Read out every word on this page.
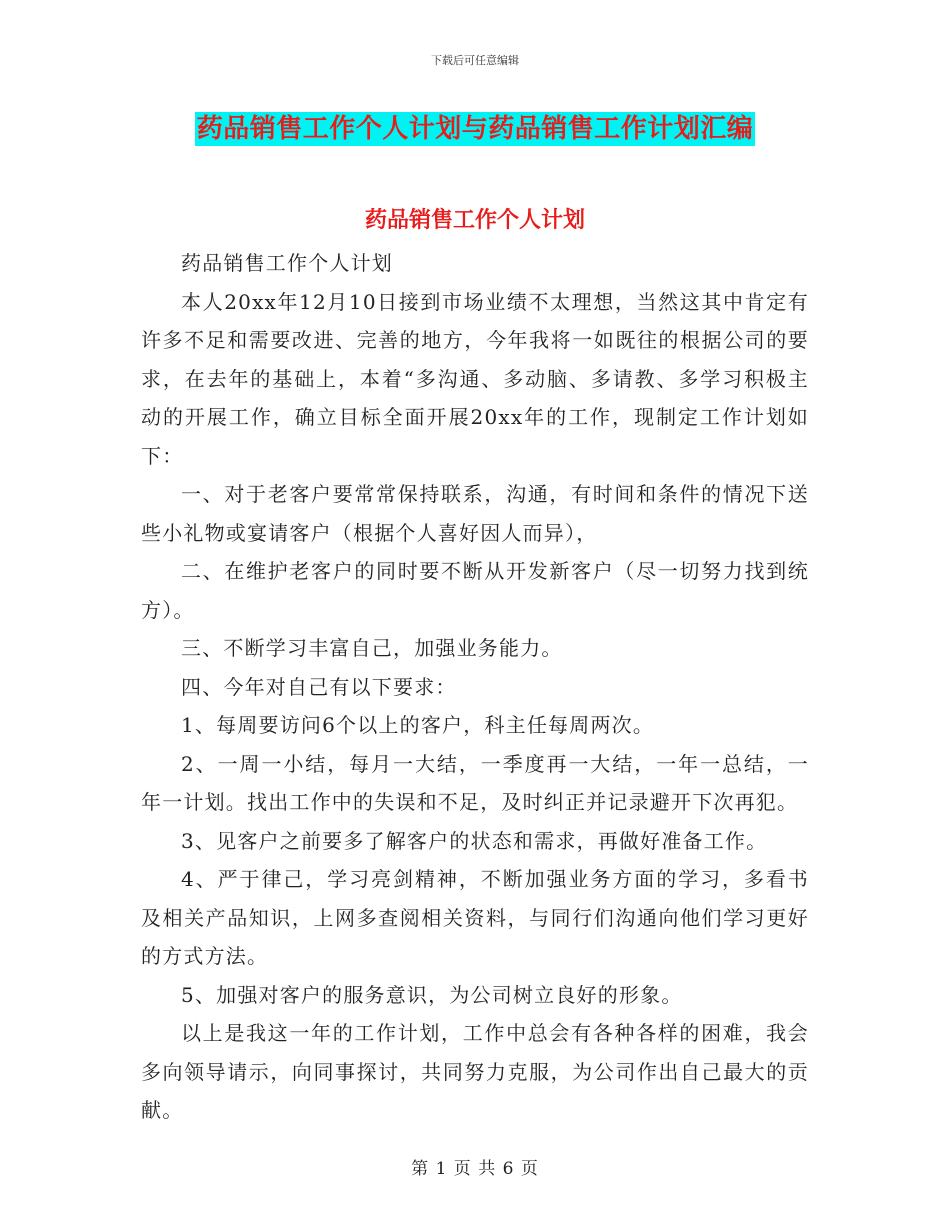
下载后可任意编辑
药品销售工作个人计划与药品销售工作计划汇编
药品销售工作个人计划

药品销售工作个人计划

本人20xx年12月10日接到市场业绩不太理想，当然这其中肯定有许多不足和需要改进、完善的地方，今年我将一如既往的根据公司的要求，在去年的基础上，本着“多沟通、多动脑、多请教、多学习积极主动的开展工作，确立目标全面开展20xx年的工作，现制定工作计划如下：

一、对于老客户要常常保持联系，沟通，有时间和条件的情况下送些小礼物或宴请客户（根据个人喜好因人而异），

二、在维护老客户的同时要不断从开发新客户（尽一切努力找到统方）。

三、不断学习丰富自己，加强业务能力。

四、今年对自己有以下要求：

1、每周要访问6个以上的客户，科主任每周两次。

2、一周一小结，每月一大结，一季度再一大结，一年一总结，一年一计划。找出工作中的失误和不足，及时纠正并记录避开下次再犯。

3、见客户之前要多了解客户的状态和需求，再做好准备工作。

4、严于律己，学习亮剑精神，不断加强业务方面的学习，多看书及相关产品知识，上网多查阅相关资料，与同行们沟通向他们学习更好的方式方法。

5、加强对客户的服务意识，为公司树立良好的形象。

以上是我这一年的工作计划，工作中总会有各种各样的困难，我会多向领导请示，向同事探讨，共同努力克服，为公司作出自己最大的贡献。

第 1 页 共 6 页
